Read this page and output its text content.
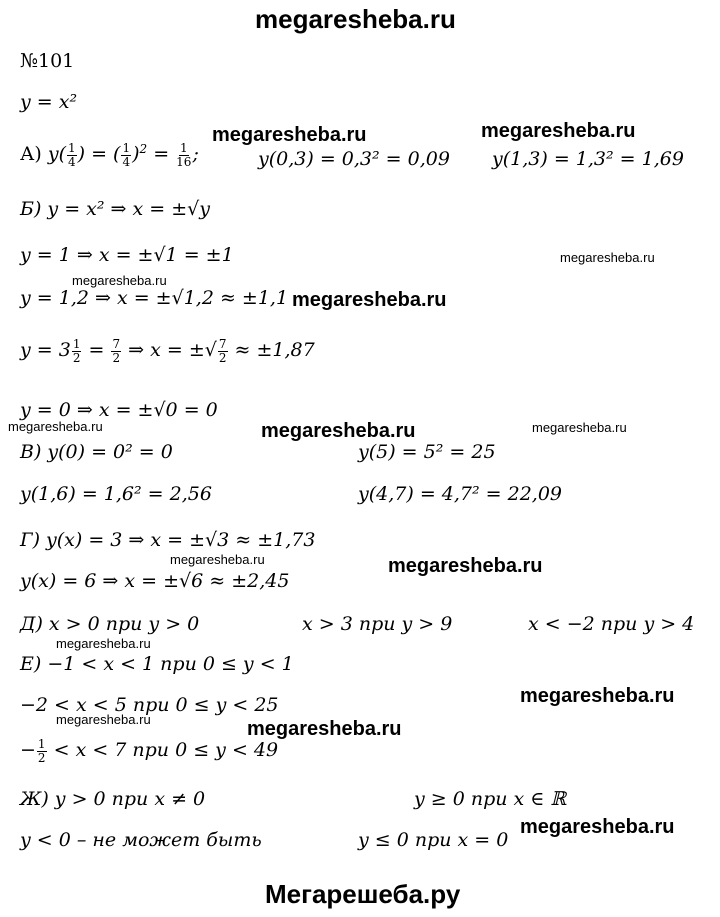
megaresheba.ru
№101
y = x²
А) $y( \frac{1}{4}$ ) = ( $\frac{1}{4} )^2 = \frac{1}{16}$ ;	y(0,3) = 0,3² = 0,09 y(1,3) = 1,3² = 1,69
Б) y = x² ⇒ x = ±√y
y = 1 ⇒ x = ±√1 = ±1
y = 1,2 ⇒ x = ±√1,2 ≈ ±1,1
$y = 3 \frac{1}{2} = \frac{7}{2}$ ⇒ x = ±√ $\frac{7}{2} \approx \pm 1,87$
y = 0 ⇒ x = ±√0 = 0
В) y(0) = 0² = 0	y(5) = 5² = 25
y(1,6) = 1,6² = 2,56	y(4,7) = 4,7² = 22,09
Г) y(x) = 3 ⇒ x = ±√3 ≈ ±1,73
y(x) = 6 ⇒ x = ±√6 ≈ ±2,45
Д) x > 0 при y > 0	x > 3 при y > 9	x < −2 при y > 4
Е) −1 < x < 1 при 0 ≤ y < 1
−2 < x < 5 при 0 ≤ y < 25
− $\frac{1}{2} < x < 7$ при 0 ≤ y < 49
Ж) y > 0 при x ≠ 0	y ≥ 0 при x ∈ ℝ
y < 0 – не может быть	y ≤ 0 при x = 0
megaresheba.ru	megaresheba.ru
megaresheba.ru
megaresheba.ru
megaresheba.ru
megaresheba.ru	megaresheba.ru	megaresheba.ru
megaresheba.ru	megaresheba.ru
megaresheba.ru
megaresheba.ru
megaresheba.ru	megaresheba.ru
megaresheba.ru
Мегарешеба.ру
